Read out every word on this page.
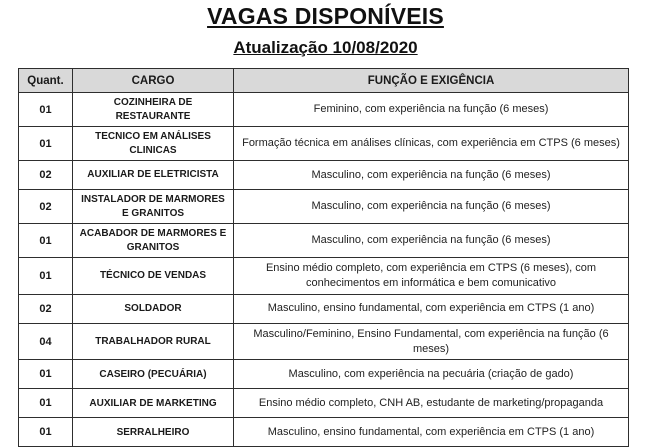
VAGAS DISPONÍVEIS
Atualização 10/08/2020
Quant.	CARGO	FUNÇÃO E EXIGÊNCIA
01	COZINHEIRA DE RESTAURANTE	Feminino, com experiência na função (6 meses)
01	TECNICO EM ANÁLISES CLINICAS	Formação técnica em análises clínicas, com experiência em CTPS (6 meses)
02	AUXILIAR DE ELETRICISTA	Masculino, com experiência na função (6 meses)
02	INSTALADOR DE MARMORES E GRANITOS	Masculino, com experiência na função (6 meses)
01	ACABADOR DE MARMORES E GRANITOS	Masculino, com experiência na função (6 meses)
01	TÉCNICO DE VENDAS	Ensino médio completo, com experiência em CTPS (6 meses), com conhecimentos em informática e bem comunicativo
02	SOLDADOR	Masculino, ensino fundamental, com experiência em CTPS (1 ano)
04	TRABALHADOR RURAL	Masculino/Feminino, Ensino Fundamental, com experiência na função (6 meses)
01	CASEIRO (PECUÁRIA)	Masculino, com experiência na pecuária (criação de gado)
01	AUXILIAR DE MARKETING	Ensino médio completo, CNH AB, estudante de marketing/propaganda
01	SERRALHEIRO	Masculino, ensino fundamental, com experiência em CTPS (1 ano)
